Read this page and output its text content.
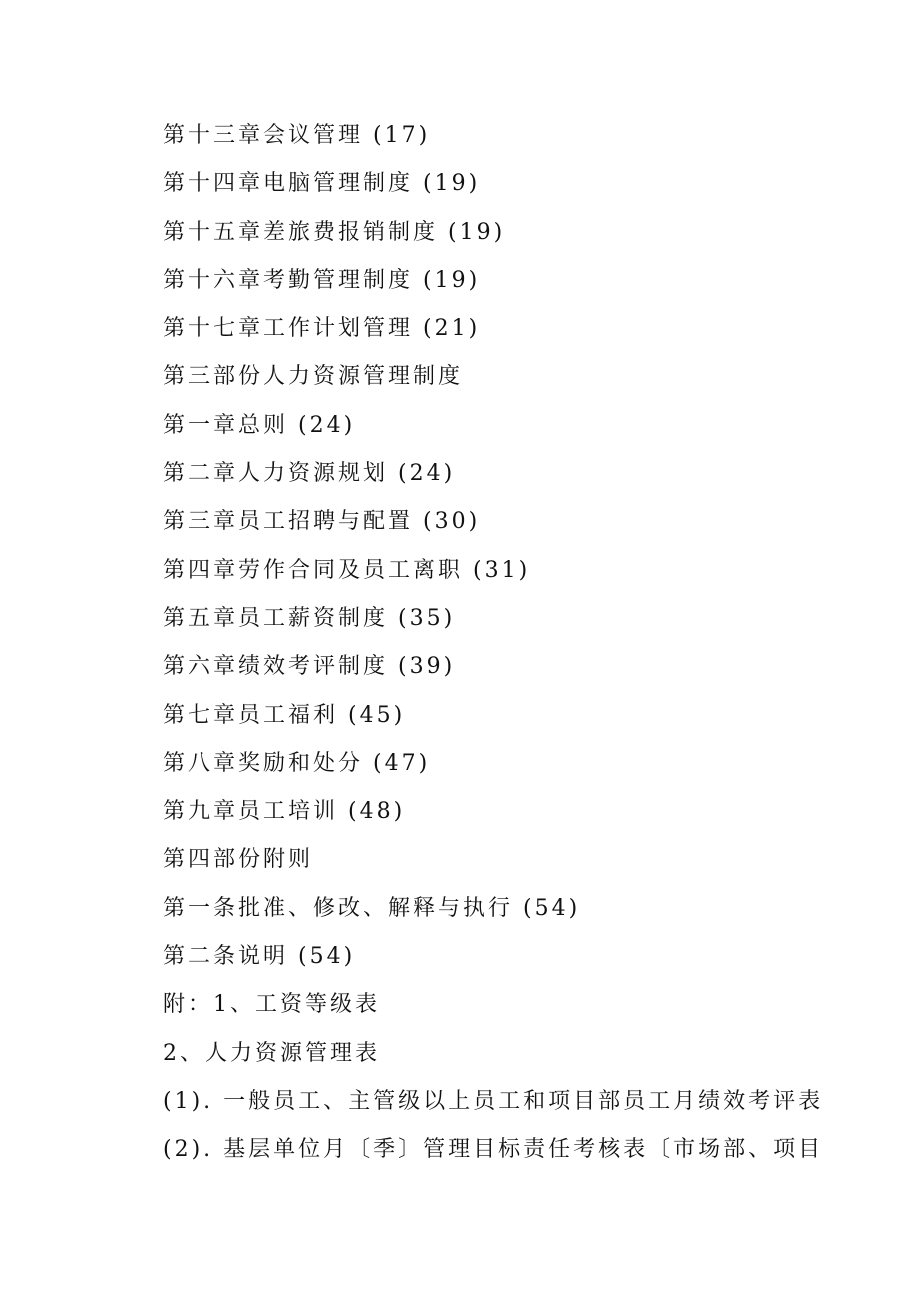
第十三章会议管理 (17)
第十四章电脑管理制度 (19)
第十五章差旅费报销制度 (19)
第十六章考勤管理制度 (19)
第十七章工作计划管理 (21)
第三部份人力资源管理制度
第一章总则 (24)
第二章人力资源规划 (24)
第三章员工招聘与配置 (30)
第四章劳作合同及员工离职 (31)
第五章员工薪资制度 (35)
第六章绩效考评制度 (39)
第七章员工福利 (45)
第八章奖励和处分 (47)
第九章员工培训 (48)
第四部份附则
第一条批准、修改、解释与执行 (54)
第二条说明 (54)
附：1、工资等级表
2、人力资源管理表
(1). 一般员工、主管级以上员工和项目部员工月绩效考评表
(2). 基层单位月〔季〕管理目标责任考核表〔市场部、项目
